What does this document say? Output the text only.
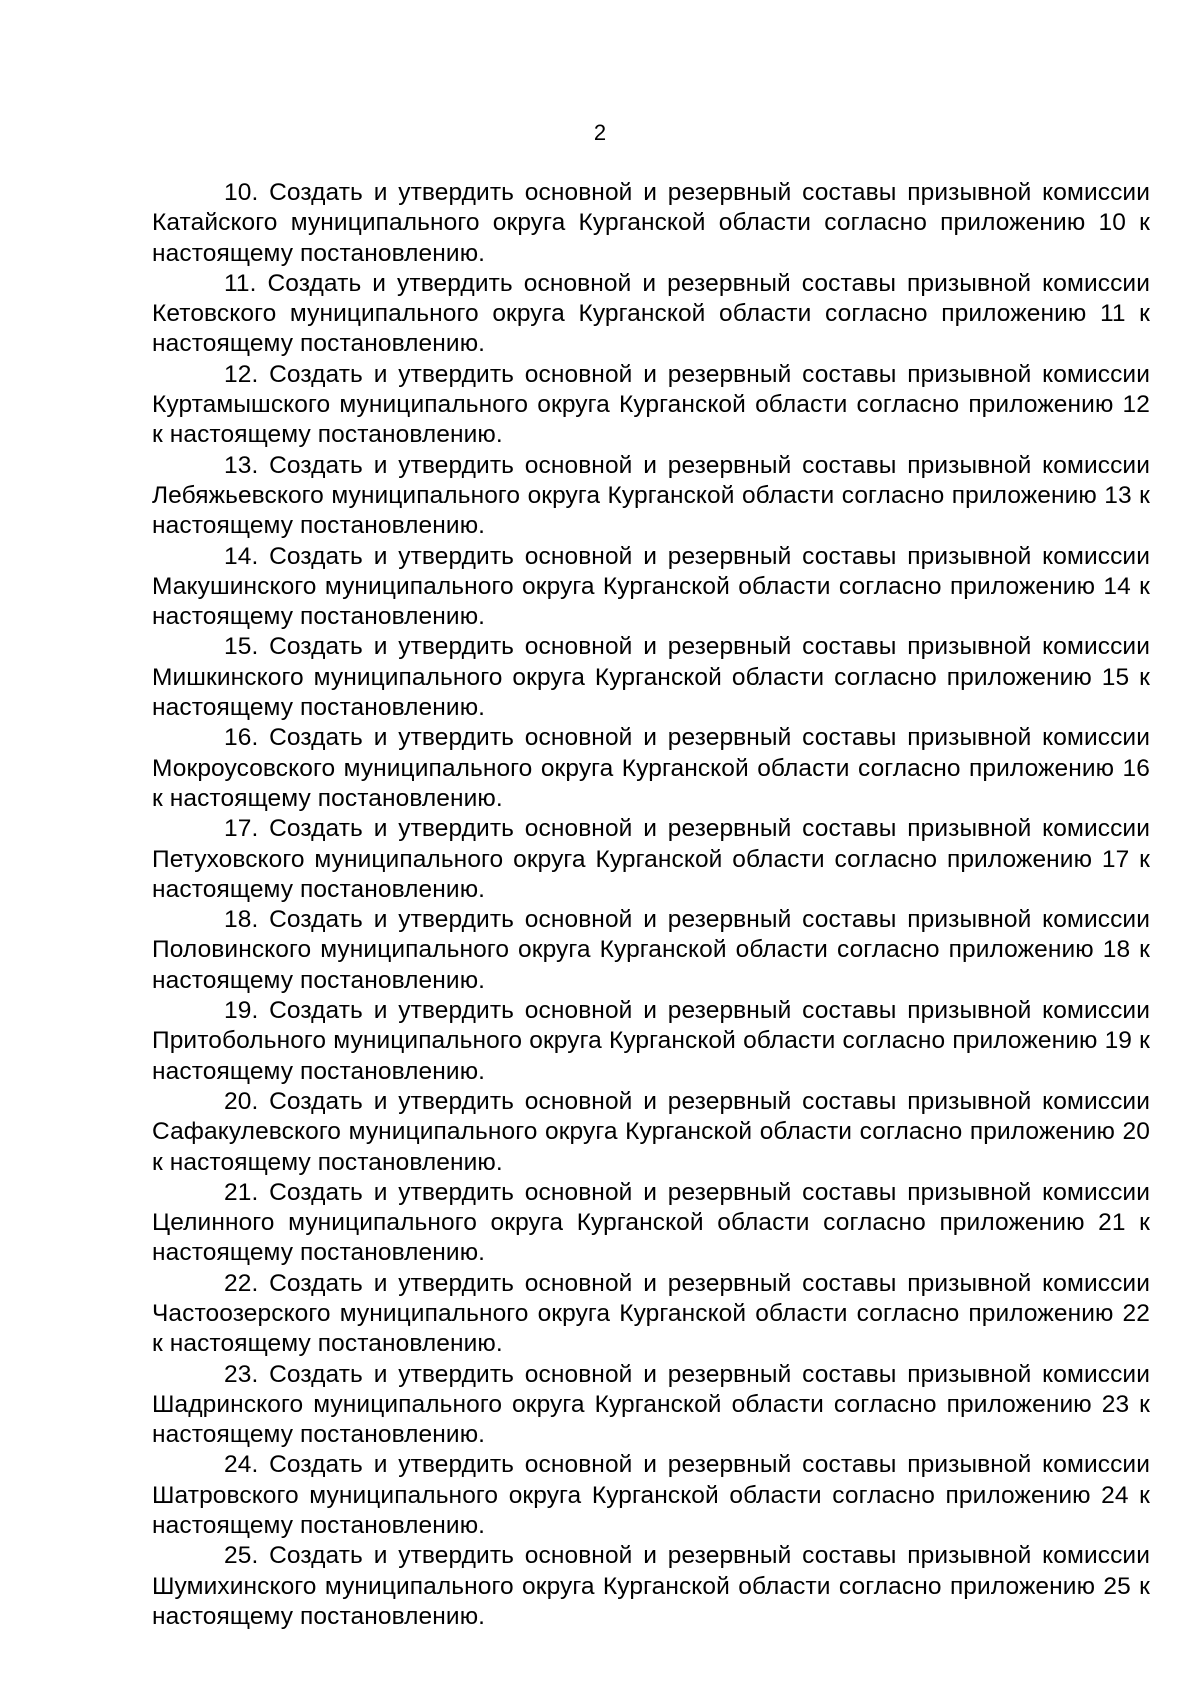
2

10. Создать и утвердить основной и резервный составы призывной комиссии Катайского муниципального округа Курганской области согласно приложению 10 к настоящему постановлению.

11. Создать и утвердить основной и резервный составы призывной комиссии Кетовского муниципального округа Курганской области согласно приложению 11 к настоящему постановлению.

12. Создать и утвердить основной и резервный составы призывной комиссии Куртамышского муниципального округа Курганской области согласно приложению 12 к настоящему постановлению.

13. Создать и утвердить основной и резервный составы призывной комиссии Лебяжьевского муниципального округа Курганской области согласно приложению 13 к настоящему постановлению.

14. Создать и утвердить основной и резервный составы призывной комиссии Макушинского муниципального округа Курганской области согласно приложению 14 к настоящему постановлению.

15. Создать и утвердить основной и резервный составы призывной комиссии Мишкинского муниципального округа Курганской области согласно приложению 15 к настоящему постановлению.

16. Создать и утвердить основной и резервный составы призывной комиссии Мокроусовского муниципального округа Курганской области согласно приложению 16 к настоящему постановлению.

17. Создать и утвердить основной и резервный составы призывной комиссии Петуховского муниципального округа Курганской области согласно приложению 17 к настоящему постановлению.

18. Создать и утвердить основной и резервный составы призывной комиссии Половинского муниципального округа Курганской области согласно приложению 18 к настоящему постановлению.

19. Создать и утвердить основной и резервный составы призывной комиссии Притобольного муниципального округа Курганской области согласно приложению 19 к настоящему постановлению.

20. Создать и утвердить основной и резервный составы призывной комиссии Сафакулевского муниципального округа Курганской области согласно приложению 20 к настоящему постановлению.

21. Создать и утвердить основной и резервный составы призывной комиссии Целинного муниципального округа Курганской области согласно приложению 21 к настоящему постановлению.

22. Создать и утвердить основной и резервный составы призывной комиссии Частоозерского муниципального округа Курганской области согласно приложению 22 к настоящему постановлению.

23. Создать и утвердить основной и резервный составы призывной комиссии Шадринского муниципального округа Курганской области согласно приложению 23 к настоящему постановлению.

24. Создать и утвердить основной и резервный составы призывной комиссии Шатровского муниципального округа Курганской области согласно приложению 24 к настоящему постановлению.

25. Создать и утвердить основной и резервный составы призывной комиссии Шумихинского муниципального округа Курганской области согласно приложению 25 к настоящему постановлению.
